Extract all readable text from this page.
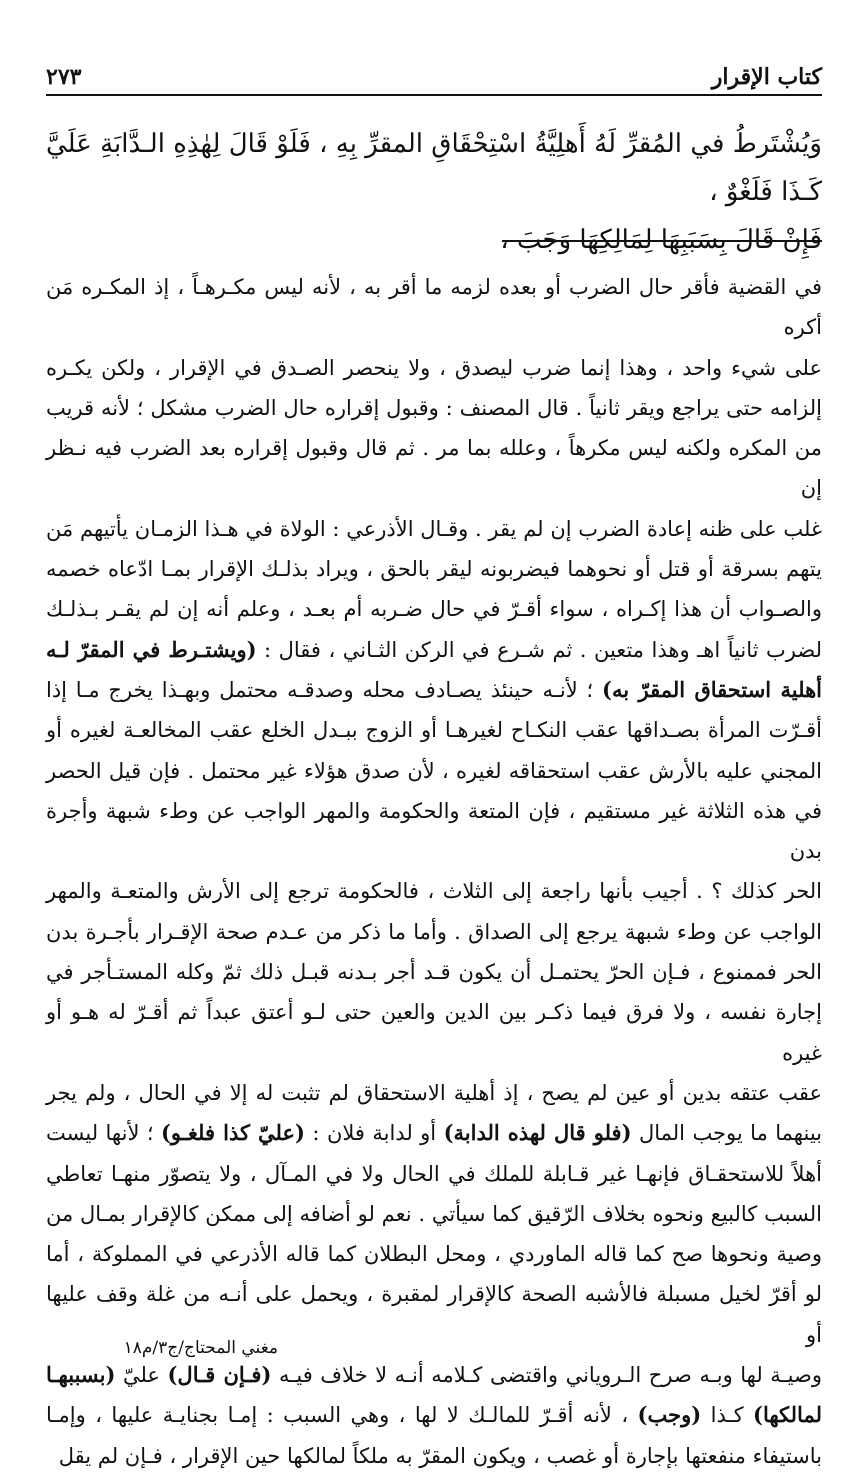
كتاب الإقرار
٢٧٣

وَيُشْتَرطُ في المُقرِّ لَهُ أَهلِيَّةُ اسْتِحْقَاقِ المقرِّ بِهِ ، فَلَوْ قَالَ لِهٰذِهِ الـدَّابَةِ عَلَيَّ كَـذَا فَلَغْوٌ ،

فَإِنْ قَالَ بِسَبَبِهَا لِمَالِكِهَا وَجَبَ ،

في القضية فأقر حال الضرب أو بعده لزمه ما أقر به ، لأنه ليس مكـرهـاً ، إذ المكـره مَن أكره

على شيء واحد ، وهذا إنما ضرب ليصدق ، ولا ينحصر الصـدق في الإقرار ، ولكن يكـره

إلزامه حتى يراجع ويقر ثانياً . قال المصنف : وقبول إقراره حال الضرب مشكل ؛ لأنه قريب

من المكره ولكنه ليس مكرهاً ، وعلله بما مر . ثم قال وقبول إقراره بعد الضرب فيه نـظر إن

غلب على ظنه إعادة الضرب إن لم يقر . وقـال الأذرعي : الولاة في هـذا الزمـان يأتيهم مَن

يتهم بسرقة أو قتل أو نحوهما فيضربونه ليقر بالحق ، ويراد بذلـك الإقرار بمـا ادّعاه خصمه

والصـواب أن هذا إكـراه ، سواء أقـرّ في حال ضـربه أم بعـد ، وعلم أنه إن لم يقـر بـذلـك

لضرب ثانياً اهـ وهذا متعين . ثم شـرع في الركن الثـاني ، فقال : (ويشتـرط في المقرّ لـه

أهلية استحقاق المقرّ به) ؛ لأنـه حينئذ يصـادف محله وصدقـه محتمل وبهـذا يخرج مـا إذا

أقـرّت المرأة بصـداقها عقب النكـاح لغيرهـا أو الزوج ببـدل الخلع عقب المخالعـة لغيره أو

المجني عليه بالأرش عقب استحقاقه لغيره ، لأن صدق هؤلاء غير محتمل . فإن قيل الحصر

في هذه الثلاثة غير مستقيم ، فإن المتعة والحكومة والمهر الواجب عن وطء شبهة وأجرة بدن

الحر كذلك ؟ . أجيب بأنها راجعة إلى الثلاث ، فالحكومة ترجع إلى الأرش والمتعـة والمهر

الواجب عن وطء شبهة يرجع إلى الصداق . وأما ما ذكر من عـدم صحة الإقـرار بأجـرة بدن

الحر فممنوع ، فـإن الحرّ يحتمـل أن يكون قـد أجر بـدنه قبـل ذلك ثمّ وكله المستـأجر في

إجارة نفسه ، ولا فرق فيما ذكـر بين الدين والعين حتى لـو أعتق عبداً ثم أقـرّ له هـو أو غيره

عقب عتقه بدين أو عين لم يصح ، إذ أهلية الاستحقاق لم تثبت له إلا في الحال ، ولم يجر

بينهما ما يوجب المال (فلو قال لهذه الدابة) أو لدابة فلان : (عليّ كذا فلغـو) ؛ لأنها ليست

أهلاً للاستحقـاق فإنهـا غير قـابلة للملك في الحال ولا في المـآل ، ولا يتصوّر منهـا تعاطي

السبب كالبيع ونحوه بخلاف الرّقيق كما سيأتي . نعم لو أضافه إلى ممكن كالإقرار بمـال من

وصية ونحوها صح كما قاله الماوردي ، ومحل البطلان كما قاله الأذرعي في المملوكة ، أما

لو أقرّ لخيل مسبلة فالأشبه الصحة كالإقرار لمقبرة ، ويحمل على أنـه من غلة وقف عليها أو

وصيـة لها وبـه صرح الـروياني واقتضى كـلامه أنـه لا خلاف فيـه (فـإن قـال) عليّ (بسببهـا

لمالكها) كـذا (وجب) ، لأنه أقـرّ للمالـك لا لها ، وهي السبب : إمـا بجنايـة عليها ، وإمـا

باستيفاء منفعتها بإجارة أو غصب ، ويكون المقرّ به ملكاً لمالكها حين الإقرار ، فـإن لم يقل

مغني المحتاج/ج٣/م١٨
